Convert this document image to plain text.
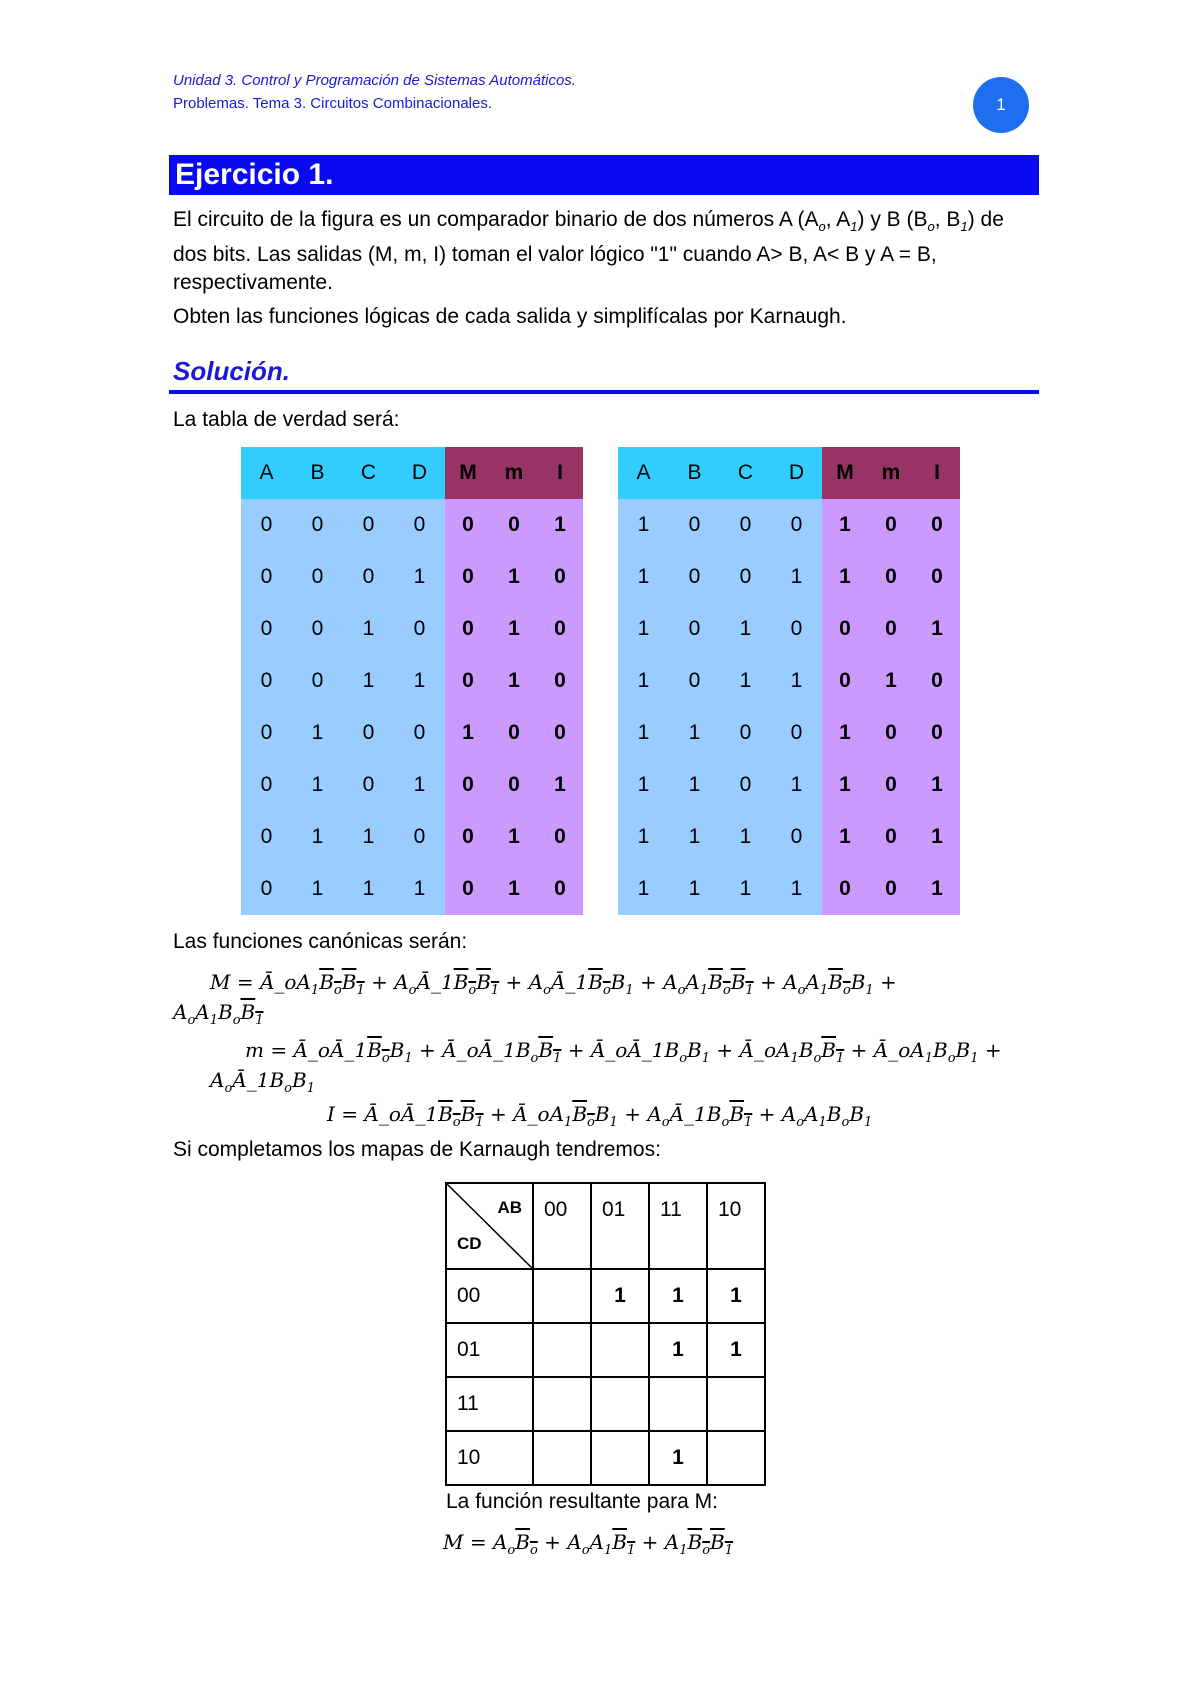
Unidad 3. Control y Programación de Sistemas Automáticos.
Problemas. Tema 3. Circuitos Combinacionales.	1
Ejercicio 1.
El circuito de la figura es un comparador binario de dos números A ($A_o$, $A_1$) y B ($B_o$, $B_1$) de dos bits. Las salidas (M, m, I) toman el valor lógico "1" cuando A> B, A< B y A = B, respectivamente.
Obten las funciones lógicas de cada salida y simplifícalas por Karnaugh.
Solución.
La tabla de verdad será:
A	B	C	D	M	m	I
0	0	0	0	0	0	1
0	0	0	1	0	1	0
0	0	1	0	0	1	0
0	0	1	1	0	1	0
0	1	0	0	1	0	0
0	1	0	1	0	0	1
0	1	1	0	0	1	0
0	1	1	1	0	1	0
A	B	C	D	M	m	I
1	0	0	0	1	0	0
1	0	0	1	1	0	0
1	0	1	0	0	0	1
1	0	1	1	0	1	0
1	1	0	0	1	0	0
1	1	0	1	1	0	1
1	1	1	0	1	0	1
1	1	1	1	0	0	1
Las funciones canónicas serán:
$M = Ā\_oA_1B_oB_1$ + $A_oĀ\_1B_oB_1$ + $A_oĀ\_1B_oB_1 + A_oA_1B_oB_1 + A_oA_1B_oB_1$ +
$A_oA_1B_oB_1$
$m = Ā\_oĀ\_1B_oB_1$ + $Ā\_oĀ\_1B_oB_1$ + $Ā\_oĀ\_1B_oB_1$ + $Ā\_oA_1B_oB_1$ + $Ā\_oA_1B_oB_1$ +
$A_oĀ\_1B_oB_1$
$I = Ā\_oĀ\_1B_oB_1$ + $Ā\_oA_1B_oB_1$ + $A_oĀ\_1B_oB_1 + A_oA_1B_oB_1$
Si completamos los mapas de Karnaugh tendremos:
AB
CD	00	01	11	10
00		1	1	1
01			1	1
11				
10			1	
La función resultante para M:
$M = A_oB_o + A_oA_1B_1 + A_1B_oB_1$
